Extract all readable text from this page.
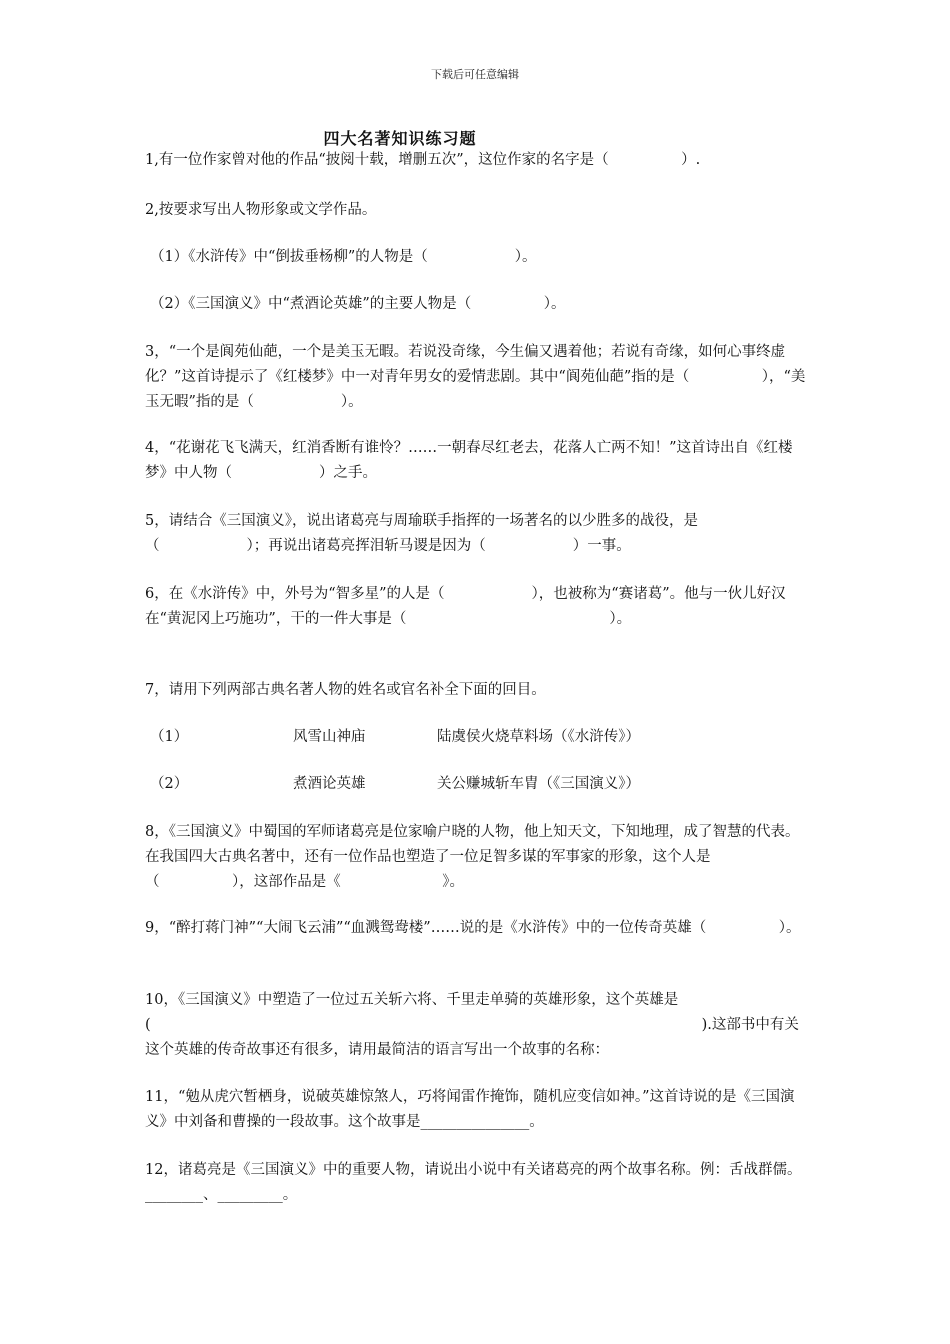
下载后可任意编辑
四大名著知识练习题
1,有一位作家曾对他的作品“披阅十载，增删五次”，这位作家的名字是（　　　　　）.
2,按要求写出人物形象或文学作品。
（1）《水浒传》中“倒拔垂杨柳”的人物是（　　　　　　）。
（2）《三国演义》中“煮酒论英雄”的主要人物是（　　　　　）。
3，“一个是阆苑仙葩，一个是美玉无暇。若说没奇缘，今生偏又遇着他；若说有奇缘，如何心事终虚化？”这首诗提示了《红楼梦》中一对青年男女的爱情悲剧。其中“阆苑仙葩”指的是（　　　　　），“美玉无暇”指的是（　　　　　　）。
4，“花谢花飞飞满天，红消香断有谁怜？……一朝春尽红老去，花落人亡两不知！”这首诗出自《红楼梦》中人物（　　　　　　）之手。
5，请结合《三国演义》，说出诸葛亮与周瑜联手指挥的一场著名的以少胜多的战役，是（　　　　　　）；再说出诸葛亮挥泪斩马谡是因为（　　　　　　）一事。
6，在《水浒传》中，外号为“智多星”的人是（　　　　　　），也被称为“赛诸葛”。他与一伙儿好汉在“黄泥冈上巧施功”，干的一件大事是（　　　　　　　　　　　　　　）。
7，请用下列两部古典名著人物的姓名或官名补全下面的回目。
（1）	风雪山神庙	陆虞侯火烧草料场（《水浒传》）
（2）	煮酒论英雄	关公赚城斩车胄（《三国演义》）
8，《三国演义》中蜀国的军师诸葛亮是位家喻户晓的人物，他上知天文，下知地理，成了智慧的代表。在我国四大古典名著中，还有一位作品也塑造了一位足智多谋的军事家的形象，这个人是（　　　　　），这部作品是《　　　　　　　》。
9，“醉打蒋门神”“大闹飞云浦”“血溅鸳鸯楼”……说的是《水浒传》中的一位传奇英雄（　　　　　）。
10，《三国演义》中塑造了一位过五关斩六将、千里走单骑的英雄形象，这个英雄是(　　　　　　　　　　　　　　　　　　　　　　　　　　　　　　　　　　　　　　).这部书中有关这个英雄的传奇故事还有很多，请用最简洁的语言写出一个故事的名称：
11，“勉从虎穴暂栖身，说破英雄惊煞人，巧将闻雷作掩饰，随机应变信如神。”这首诗说的是《三国演义》中刘备和曹操的一段故事。这个故事是_______________。
12，诸葛亮是《三国演义》中的重要人物，请说出小说中有关诸葛亮的两个故事名称。例：舌战群儒。________、_________。
